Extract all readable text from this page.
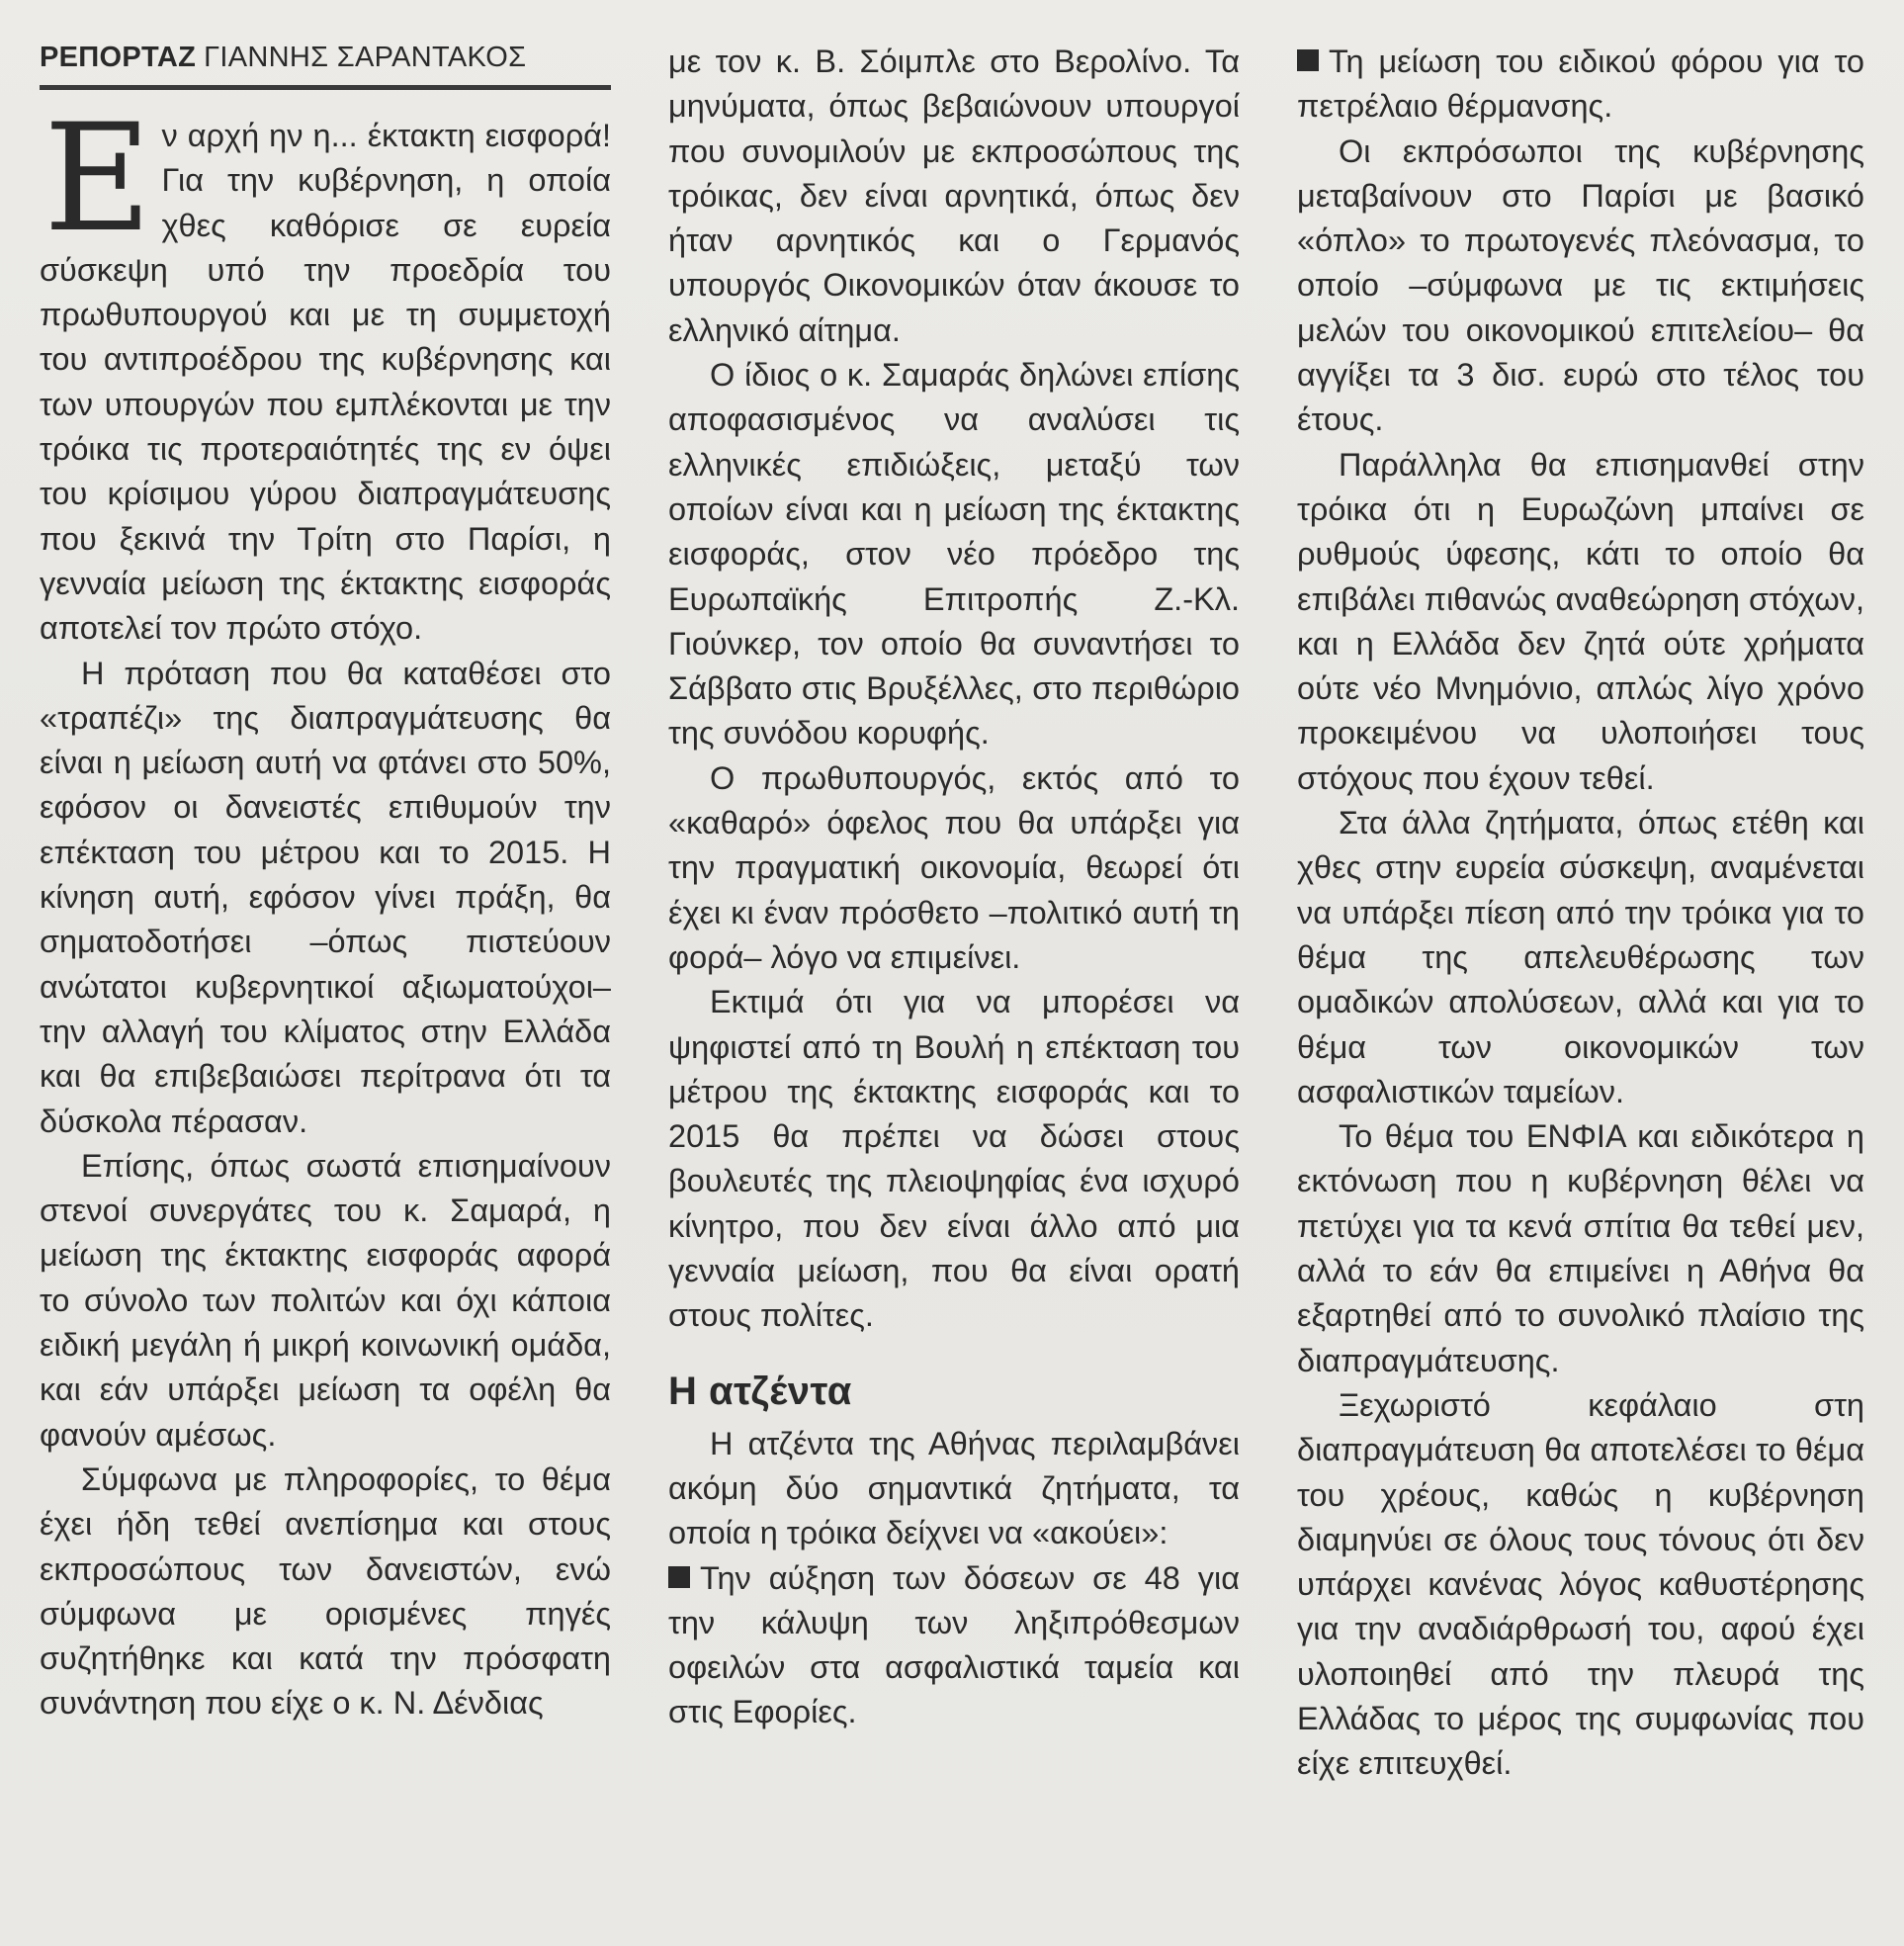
ΡΕΠΟΡΤΑΖ ΓΙΑΝΝΗΣ ΣΑΡΑΝΤΑΚΟΣ

Εν αρχή ην η... έκτακτη εισφορά! Για την κυβέρνηση, η οποία χθες καθόρισε σε ευρεία σύσκεψη υπό την προεδρία του πρωθυπουργού και με τη συμμετοχή του αντιπροέδρου της κυβέρνησης και των υπουργών που εμπλέκονται με την τρόικα τις προτεραιότητές της εν όψει του κρίσιμου γύρου διαπραγμάτευσης που ξεκινά την Τρίτη στο Παρίσι, η γενναία μείωση της έκτακτης εισφοράς αποτελεί τον πρώτο στόχο.

Η πρόταση που θα καταθέσει στο «τραπέζι» της διαπραγμάτευσης θα είναι η μείωση αυτή να φτάνει στο 50%, εφόσον οι δανειστές επιθυμούν την επέκταση του μέτρου και το 2015. Η κίνηση αυτή, εφόσον γίνει πράξη, θα σηματοδοτήσει –όπως πιστεύουν ανώτατοι κυβερνητικοί αξιωματούχοι– την αλλαγή του κλίματος στην Ελλάδα και θα επιβεβαιώσει περίτρανα ότι τα δύσκολα πέρασαν.

Επίσης, όπως σωστά επισημαίνουν στενοί συνεργάτες του κ. Σαμαρά, η μείωση της έκτακτης εισφοράς αφορά το σύνολο των πολιτών και όχι κάποια ειδική μεγάλη ή μικρή κοινωνική ομάδα, και εάν υπάρξει μείωση τα οφέλη θα φανούν αμέσως.

Σύμφωνα με πληροφορίες, το θέμα έχει ήδη τεθεί ανεπίσημα και στους εκπροσώπους των δανειστών, ενώ σύμφωνα με ορισμένες πηγές συζητήθηκε και κατά την πρόσφατη συνάντηση που είχε ο κ. Ν. Δένδιας

με τον κ. Β. Σόιμπλε στο Βερολίνο. Τα μηνύματα, όπως βεβαιώνουν υπουργοί που συνομιλούν με εκπροσώπους της τρόικας, δεν είναι αρνητικά, όπως δεν ήταν αρνητικός και ο Γερμανός υπουργός Οικονομικών όταν άκουσε το ελληνικό αίτημα.

Ο ίδιος ο κ. Σαμαράς δηλώνει επίσης αποφασισμένος να αναλύσει τις ελληνικές επιδιώξεις, μεταξύ των οποίων είναι και η μείωση της έκτακτης εισφοράς, στον νέο πρόεδρο της Ευρωπαϊκής Επιτροπής Ζ.-Κλ. Γιούνκερ, τον οποίο θα συναντήσει το Σάββατο στις Βρυξέλλες, στο περιθώριο της συνόδου κορυφής.

Ο πρωθυπουργός, εκτός από το «καθαρό» όφελος που θα υπάρξει για την πραγματική οικονομία, θεωρεί ότι έχει κι έναν πρόσθετο –πολιτικό αυτή τη φορά– λόγο να επιμείνει.

Εκτιμά ότι για να μπορέσει να ψηφιστεί από τη Βουλή η επέκταση του μέτρου της έκτακτης εισφοράς και το 2015 θα πρέπει να δώσει στους βουλευτές της πλειοψηφίας ένα ισχυρό κίνητρο, που δεν είναι άλλο από μια γενναία μείωση, που θα είναι ορατή στους πολίτες.

Η ατζέντα

Η ατζέντα της Αθήνας περιλαμβάνει ακόμη δύο σημαντικά ζητήματα, τα οποία η τρόικα δείχνει να «ακούει»:

Την αύξηση των δόσεων σε 48 για την κάλυψη των ληξιπρόθεσμων οφειλών στα ασφαλιστικά ταμεία και στις Εφορίες.

Τη μείωση του ειδικού φόρου για το πετρέλαιο θέρμανσης.

Οι εκπρόσωποι της κυβέρνησης μεταβαίνουν στο Παρίσι με βασικό «όπλο» το πρωτογενές πλεόνασμα, το οποίο –σύμφωνα με τις εκτιμήσεις μελών του οικονομικού επιτελείου– θα αγγίξει τα 3 δισ. ευρώ στο τέλος του έτους.

Παράλληλα θα επισημανθεί στην τρόικα ότι η Ευρωζώνη μπαίνει σε ρυθμούς ύφεσης, κάτι το οποίο θα επιβάλει πιθανώς αναθεώρηση στόχων, και η Ελλάδα δεν ζητά ούτε χρήματα ούτε νέο Μνημόνιο, απλώς λίγο χρόνο προκειμένου να υλοποιήσει τους στόχους που έχουν τεθεί.

Στα άλλα ζητήματα, όπως ετέθη και χθες στην ευρεία σύσκεψη, αναμένεται να υπάρξει πίεση από την τρόικα για το θέμα της απελευθέρωσης των ομαδικών απολύσεων, αλλά και για το θέμα των οικονομικών των ασφαλιστικών ταμείων.

Το θέμα του ΕΝΦΙΑ και ειδικότερα η εκτόνωση που η κυβέρνηση θέλει να πετύχει για τα κενά σπίτια θα τεθεί μεν, αλλά το εάν θα επιμείνει η Αθήνα θα εξαρτηθεί από το συνολικό πλαίσιο της διαπραγμάτευσης.

Ξεχωριστό κεφάλαιο στη διαπραγμάτευση θα αποτελέσει το θέμα του χρέους, καθώς η κυβέρνηση διαμηνύει σε όλους τους τόνους ότι δεν υπάρχει κανένας λόγος καθυστέρησης για την αναδιάρθρωσή του, αφού έχει υλοποιηθεί από την πλευρά της Ελλάδας το μέρος της συμφωνίας που είχε επιτευχθεί.
